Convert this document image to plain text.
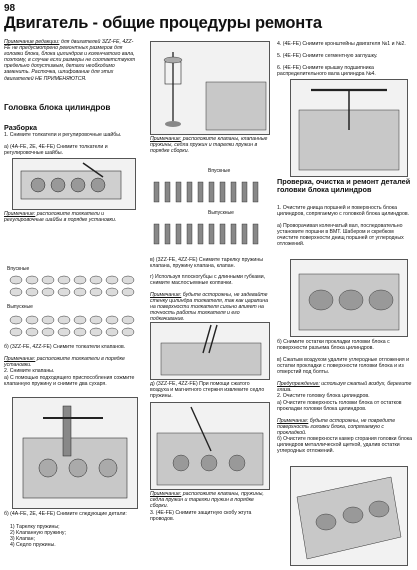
98
Двигатель - общие процедуры ремонта
Примечание редакции: для двигателей 3ZZ-FE, 4ZZ-FE не предусмотрено ремонтных размеров для головки блока, блока цилиндров и коленчатого вала, поэтому, в случае если размеры не соответствуют предельно допустимым, детали необходимо заменить. Расточка, шлифование для этих двигателей НЕ ПРИМЕНЯЮТСЯ.
Головка блока цилиндров
Разборка
1. Снимите толкатели и регулировочные шайбы.
а) (4A-FE, 2E, 4E-FE) Снимите толкатели и регулировочные шайбы.
Примечание: расположите толкатели и регулировочные шайбы в порядке установки.
Впускные
Выпускные
б) (3ZZ-FE, 4ZZ-FE) Снимите толкатели клапанов.
Примечание: расположите толкатели в порядке установки.
2. Снимите клапаны.
а) С помощью подходящего приспособления сожмите клапанную пружину и снимите два сухаря.
б) (4A-FE, 2E, 4E-FE) Снимите следующие детали:
1) Тарелку пружины;
2) Клапанную пружину;
3) Клапан;
4) Седло пружины.
Примечание: расположите клапаны, клапанные пружины, седла пружин и тарелки пружин в порядке сборки.
Впускные
Выпускные
в) (3ZZ-FE, 4ZZ-FE) Снимите тарелку пружины клапана, пружину клапана, клапан.
г) Используя плоскогубцы с длинными губками, снимите маслосъемные колпачки.
Примечание: будьте осторожны, не задевайте стенку цилиндра толкателя, так как царапина на поверхности толкателя сильно влияет на точность работы толкателя и его подкачивание.
д) (3ZZ-FE, 4ZZ-FE) При помощи сжатого воздуха и магнитного стержня извлеките седло пружины.
Примечание: расположите клапаны, пружины, седла пружин и тарелки пружин в порядке сборки.
3. (4E-FE) Снимите защитную скобу жгута проводов.
4. (4E-FE) Снимите кронштейны двигателя №1 и №2.
5. (4E-FE) Снимите сегментную заглушку.
6. (4E-FE) Снимите крышку подшипника распределительного вала цилиндра №4.
Проверка, очистка и ремонт деталей головки блока цилиндров
1. Очистите днища поршней и поверхность блока цилиндров, сопрягаемую с головкой блока цилиндров.
а) Проворачивая коленчатый вал, последовательно установите поршни в ВМТ. Шабером и скребком очистите поверхности днищ поршней от углеродных отложений.
б) Снимите остатки прокладки головки блока с поверхности разъема блока цилиндров.
в) Сжатым воздухом удалите углеродные отложения и остатки прокладки с поверхности головки блока и из отверстий под болты.
Предупреждение: используя сжатый воздух, берегите глаза.
2. Очистите головку блока цилиндров.
а) Очистите поверхность головки блока от остатков прокладки головки блока цилиндров.
Примечание: будьте осторожны, не повредите поверхность головки блока, сопрягаемую с прокладкой.
б) Очистите поверхности камер сгорания головки блока цилиндров металлической щеткой, удалив остатки углеродных отложений.
